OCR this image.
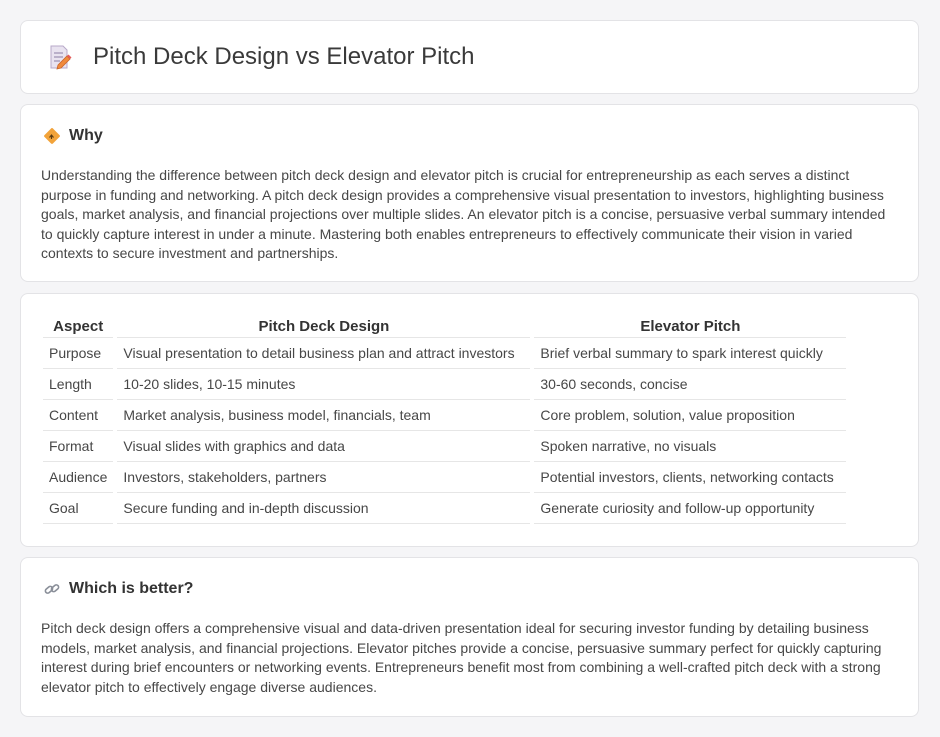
Pitch Deck Design vs Elevator Pitch
Why

Understanding the difference between pitch deck design and elevator pitch is crucial for entrepreneurship as each serves a distinct purpose in funding and networking. A pitch deck design provides a comprehensive visual presentation to investors, highlighting business goals, market analysis, and financial projections over multiple slides. An elevator pitch is a concise, persuasive verbal summary intended to quickly capture interest in under a minute. Mastering both enables entrepreneurs to effectively communicate their vision in varied contexts to secure investment and partnerships.

Aspect	Pitch Deck Design	Elevator Pitch
Purpose	Visual presentation to detail business plan and attract investors	Brief verbal summary to spark interest quickly
Length	10-20 slides, 10-15 minutes	30-60 seconds, concise
Content	Market analysis, business model, financials, team	Core problem, solution, value proposition
Format	Visual slides with graphics and data	Spoken narrative, no visuals
Audience	Investors, stakeholders, partners	Potential investors, clients, networking contacts
Goal	Secure funding and in-depth discussion	Generate curiosity and follow-up opportunity
Which is better?

Pitch deck design offers a comprehensive visual and data-driven presentation ideal for securing investor funding by detailing business models, market analysis, and financial projections. Elevator pitches provide a concise, persuasive summary perfect for quickly capturing interest during brief encounters or networking events. Entrepreneurs benefit most from combining a well-crafted pitch deck with a strong elevator pitch to effectively engage diverse audiences.
